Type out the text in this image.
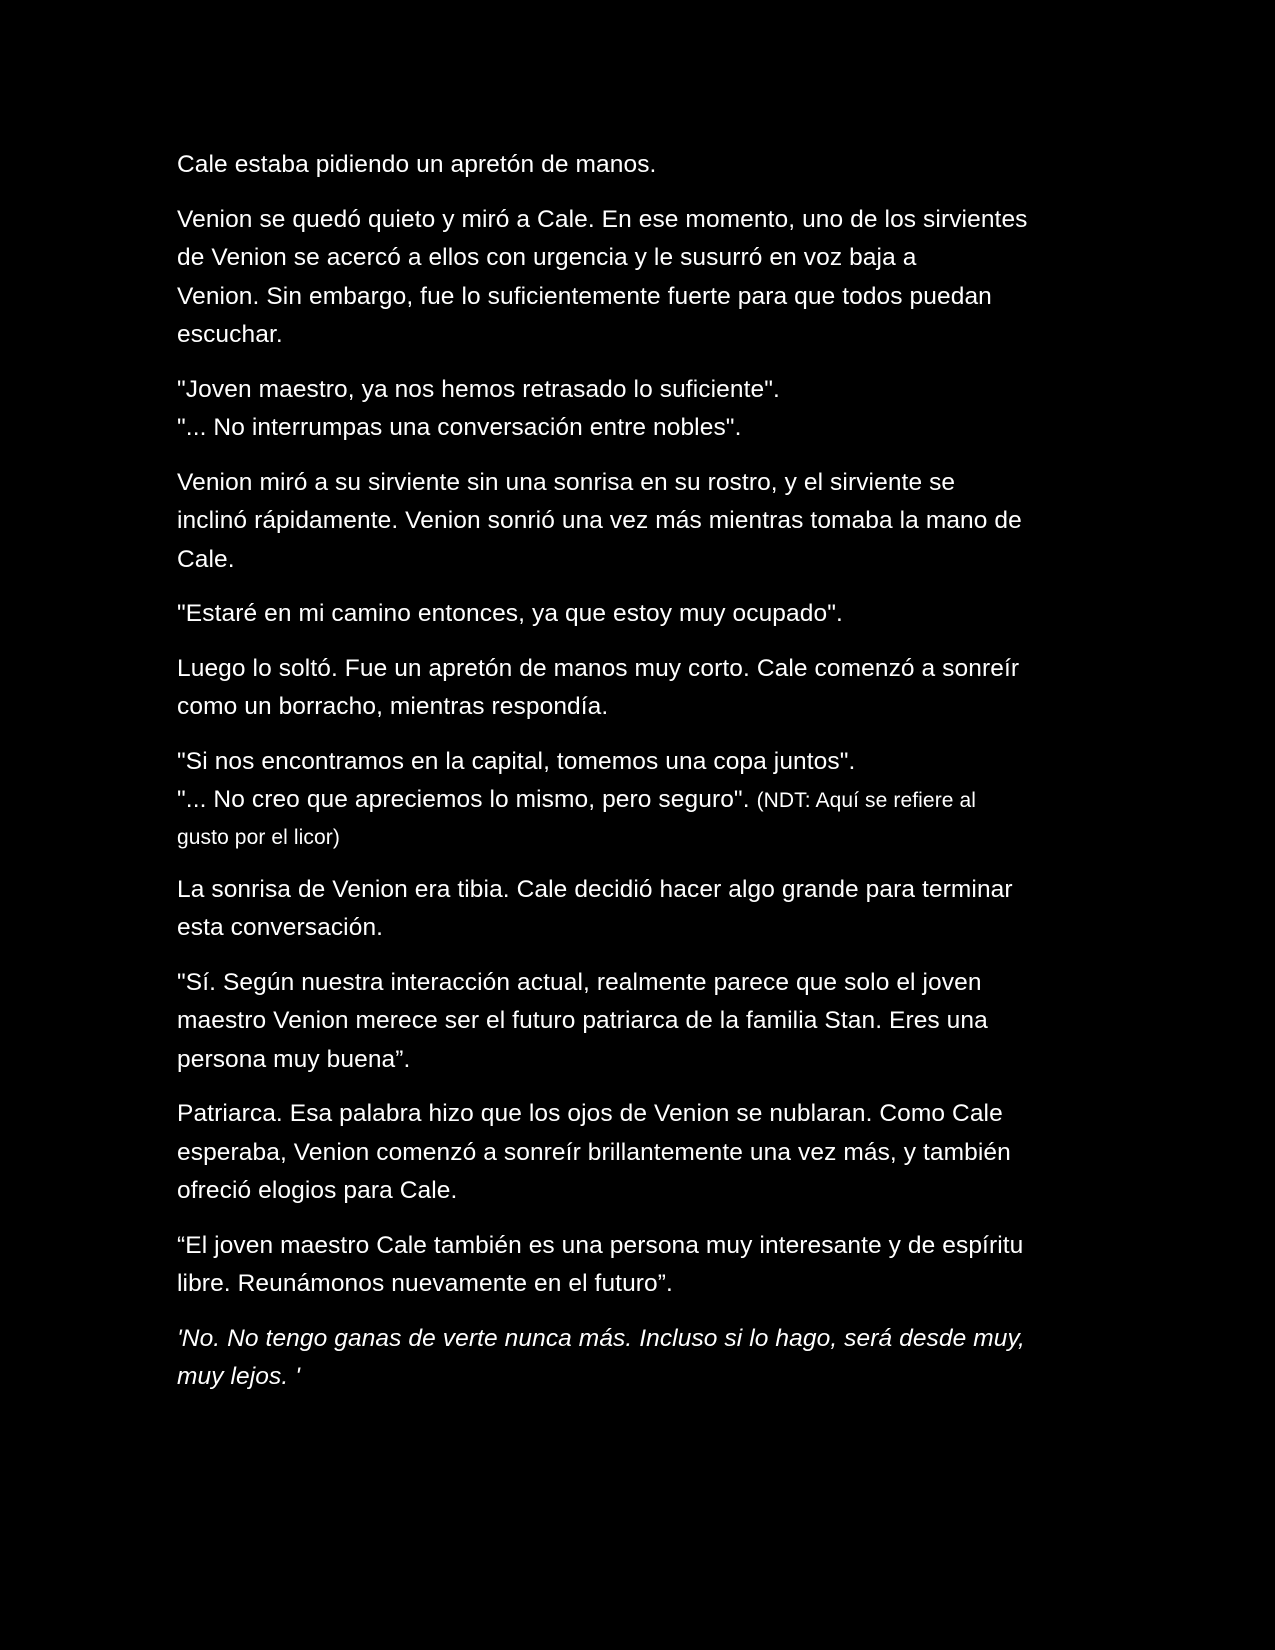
Cale estaba pidiendo un apretón de manos.

Venion se quedó quieto y miró a Cale. En ese momento, uno de los sirvientes
de Venion se acercó a ellos con urgencia y le susurró en voz baja a
Venion. Sin embargo, fue lo suficientemente fuerte para que todos puedan
escuchar.

"Joven maestro, ya nos hemos retrasado lo suficiente".
"... No interrumpas una conversación entre nobles".

Venion miró a su sirviente sin una sonrisa en su rostro, y el sirviente se
inclinó rápidamente. Venion sonrió una vez más mientras tomaba la mano de
Cale.

"Estaré en mi camino entonces, ya que estoy muy ocupado".

Luego lo soltó. Fue un apretón de manos muy corto. Cale comenzó a sonreír
como un borracho, mientras respondía.

"Si nos encontramos en la capital, tomemos una copa juntos".
"... No creo que apreciemos lo mismo, pero seguro". (NDT: Aquí se refiere al
gusto por el licor)

La sonrisa de Venion era tibia. Cale decidió hacer algo grande para terminar
esta conversación.

"Sí. Según nuestra interacción actual, realmente parece que solo el joven
maestro Venion merece ser el futuro patriarca de la familia Stan. Eres una
persona muy buena”.

Patriarca. Esa palabra hizo que los ojos de Venion se nublaran. Como Cale
esperaba, Venion comenzó a sonreír brillantemente una vez más, y también
ofreció elogios para Cale.

“El joven maestro Cale también es una persona muy interesante y de espíritu
libre. Reunámonos nuevamente en el futuro”.

'No. No tengo ganas de verte nunca más. Incluso si lo hago, será desde muy,
muy lejos. '
